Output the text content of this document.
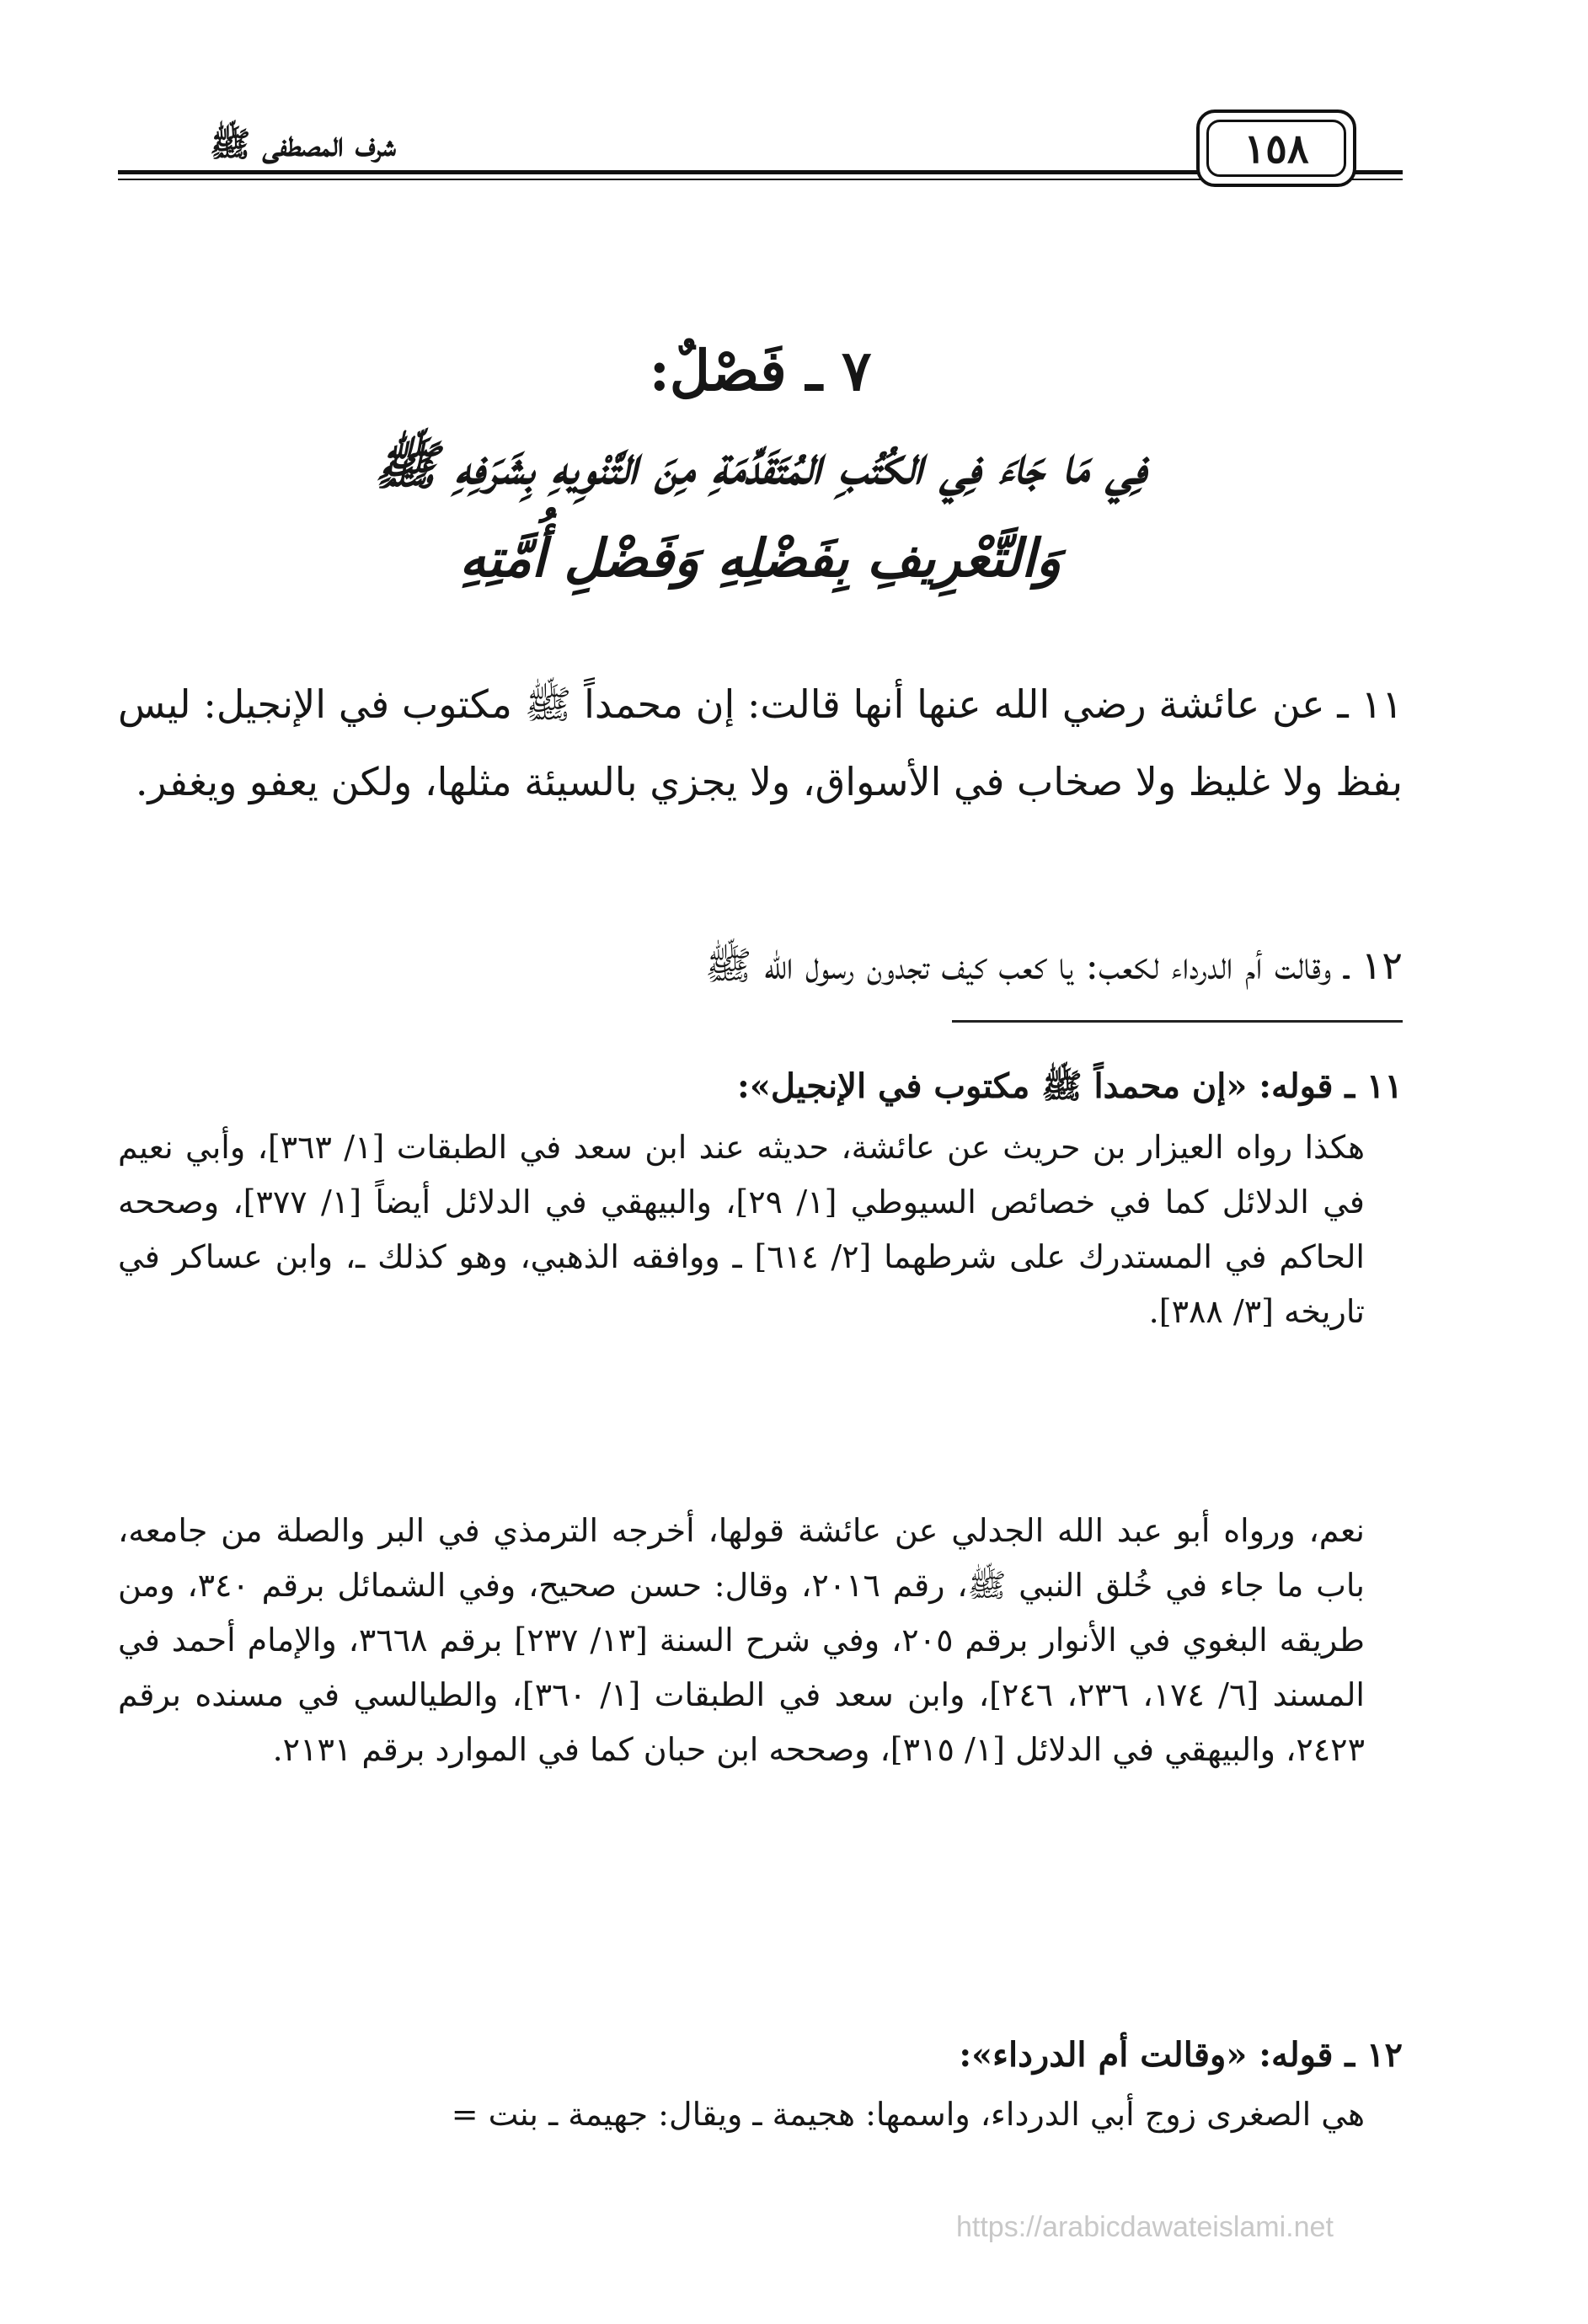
شرف المصطفى ﷺ	١٥٨
٧ ـ فَصْلٌ:
فِي مَا جَاءَ فِي الكُتُبِ المُتَقَدِّمَةِ مِنَ التَّنْوِيهِ بِشَرَفِهِ ﷺ
وَالتَّعْرِيفِ بِفَضْلِهِ وَفَضْلِ أُمَّتِهِ
١١ ـ عن عائشة رضي الله عنها أنها قالت: إن محمداً ﷺ مكتوب في الإنجيل: ليس بفظ ولا غليظ ولا صخاب في الأسواق، ولا يجزي بالسيئة مثلها، ولكن يعفو ويغفر.
١٢ ـ وقالت أم الدرداء لكعب: يا كعب كيف تجدون رسول الله ﷺ
١١ ـ قوله: «إن محمداً ﷺ مكتوب في الإنجيل»:
هكذا رواه العيزار بن حريث عن عائشة، حديثه عند ابن سعد في الطبقات [١/ ٣٦٣]، وأبي نعيم في الدلائل كما في خصائص السيوطي [١/ ٢٩]، والبيهقي في الدلائل أيضاً [١/ ٣٧٧]، وصححه الحاكم في المستدرك على شرطهما [٢/ ٦١٤] ـ ووافقه الذهبي، وهو كذلك ـ، وابن عساكر في تاريخه [٣/ ٣٨٨].
نعم، ورواه أبو عبد الله الجدلي عن عائشة قولها، أخرجه الترمذي في البر والصلة من جامعه، باب ما جاء في خُلق النبي ﷺ، رقم ٢٠١٦، وقال: حسن صحيح، وفي الشمائل برقم ٣٤٠، ومن طريقه البغوي في الأنوار برقم ٢٠٥، وفي شرح السنة [١٣/ ٢٣٧] برقم ٣٦٦٨، والإمام أحمد في المسند [٦/ ١٧٤، ٢٣٦، ٢٤٦]، وابن سعد في الطبقات [١/ ٣٦٠]، والطيالسي في مسنده برقم ٢٤٢٣، والبيهقي في الدلائل [١/ ٣١٥]، وصححه ابن حبان كما في الموارد برقم ٢١٣١.
١٢ ـ قوله: «وقالت أم الدرداء»:
هي الصغرى زوج أبي الدرداء، واسمها: هجيمة ـ ويقال: جهيمة ـ بنت =
https://arabicdawateislami.net
